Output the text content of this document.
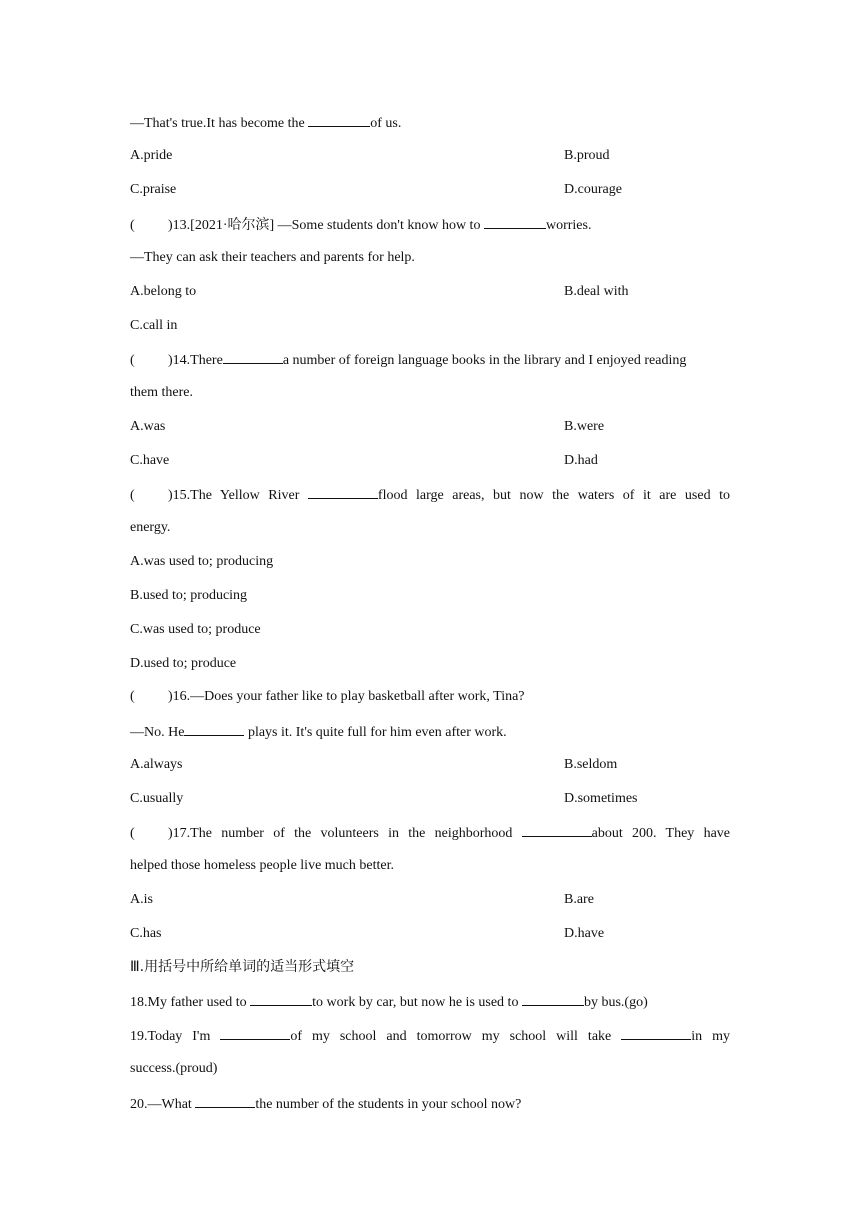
—That's true.It has become the	of us.
A.pride	B.proud
C.praise	D.courage
( )13.[2021·哈尔滨] —Some students don't know how to	worries.
—They can ask their teachers and parents for help.
A.belong to	B.deal with
C.call in
( )14.There	a number of foreign language books in the library and I enjoyed reading
them there.
A.was	B.were
C.have	D.had
( )15.The Yellow River	flood large areas, but now the waters of it are used to
energy.
A.was used to; producing
B.used to; producing
C.was used to; produce
D.used to; produce
( )16.—Does your father like to play basketball after work, Tina?
—No. He	plays it. It's quite full for him even after work.
A.always	B.seldom
C.usually	D.sometimes
( )17.The number of the volunteers in the neighborhood	about 200. They have
helped those homeless people live much better.
A.is	B.are
C.has	D.have
Ⅲ.用括号中所给单词的适当形式填空
18.My father used to	to work by car, but now he is used to	by bus.(go)
19.Today I'm	of my school and tomorrow my school will take	in my
success.(proud)
20.—What	the number of the students in your school now?
